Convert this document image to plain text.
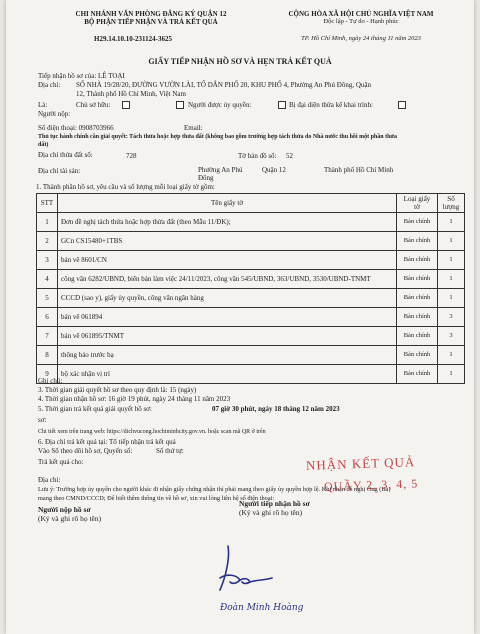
CHI NHÁNH VĂN PHÒNG ĐĂNG KÝ QUẬN 12
BỘ PHẬN TIẾP NHẬN VÀ TRẢ KẾT QUẢ
H29.14.10.10-231124-3625
CỘNG HÒA XÃ HỘI CHỦ NGHĨA VIỆT NAM
Độc lập - Tự do - Hạnh phúc
TP. Hồ Chí Minh, ngày 24 tháng 11 năm 2023
GIẤY TIẾP NHẬN HỒ SƠ VÀ HẸN TRẢ KẾT QUẢ
Tiếp nhận hồ sơ của: LÊ TOẠI
Địa chỉ: SỐ NHÀ 19/28/20, ĐƯỜNG VƯỜN LÀI, TỔ DÂN PHỐ 20, KHU PHỐ 4, Phường An Phú Đông, Quận
12, Thành phố Hồ Chí Minh, Việt Nam
Là:	Chủ sở hữu:	Người được ủy quyền:	Bị đại diện thừa kế khai trình:
Người nộp:
Số điện thoại: 0908703966	Email:
Thủ tục hành chính cần giải quyết: Tách thửa hoặc hợp thửa đất (không bao gồm trường hợp tách thửa do Nhà nước thu hồi một phần thửa
đất)
Địa chỉ thửa đất số:	728	Tờ bản đồ số: 52
Địa chỉ tài sản:	Phường An Phú Đông
Quận 12	Thành phố Hồ Chí Minh
1. Thành phần hồ sơ, yêu cầu và số lượng mỗi loại giấy tờ gồm:
STT	Tên giấy tờ	Loại giấy tờ	Số lượng
1	Đơn đề nghị tách thửa hoặc hợp thửa đất (theo Mẫu 11/ĐK);	Bản chính	1
2	GCn CS15480+1TBS	Bản chính	1
3	bản vẽ 8601/CN	Bản chính	1
4	công văn 6282/UBND, biên bản làm việc 24/11/2023, công văn 545/UBND, 363/UBND, 3530/UBND-TNMT	Bản chính	1
5	CCCD (sao y), giấy ủy quyền, công văn ngân hàng	Bản chính	1
6	bản vẽ 061894	Bản chính	3
7	bản vẽ 061895/TNMT	Bản chính	3
8	thông báo trước bạ	Bản chính	1
9	bộ xác nhận vị trí	Bản chính	1
Ghi chú:
3. Thời gian giải quyết hồ sơ theo quy định là: 15 (ngày)
4. Thời gian nhận hồ sơ: 16 giờ 19 phút, ngày 24 tháng 11 năm 2023
5. Thời gian trả kết quả giải quyết hồ sơ:	07 giờ 30 phút, ngày 18 tháng 12 năm 2023
sơ:
Chi tiết xem trên trang web: https://dichvucong.hochiminhcity.gov.vn. hoặc scan mã QR ở trên
6. Địa chỉ trả kết quả tại: Tổ tiếp nhận trả kết quả
Vào Sổ theo dõi hồ sơ, Quyển số:	Số thứ tự:
Trả kết quả cho:
Địa chỉ:
Lưu ý: Trường hợp ủy quyền cho người khác đi nhận giấy chứng nhận thì phải mang theo giấy ủy quyền hợp lệ. Khi nhận đề nghị Ông (Bà)
mang theo CMND/CCCD; Để biết thêm thông tin về hồ sơ, xin vui lòng liên hệ số điện thoại:
NHẬN KẾT QUẢ
QUẦY 2, 3, 4, 5
Người nộp hồ sơ
(Ký và ghi rõ họ tên)
Người tiếp nhận hồ sơ
(Ký và ghi rõ họ tên)
Đoàn Minh Hoàng
